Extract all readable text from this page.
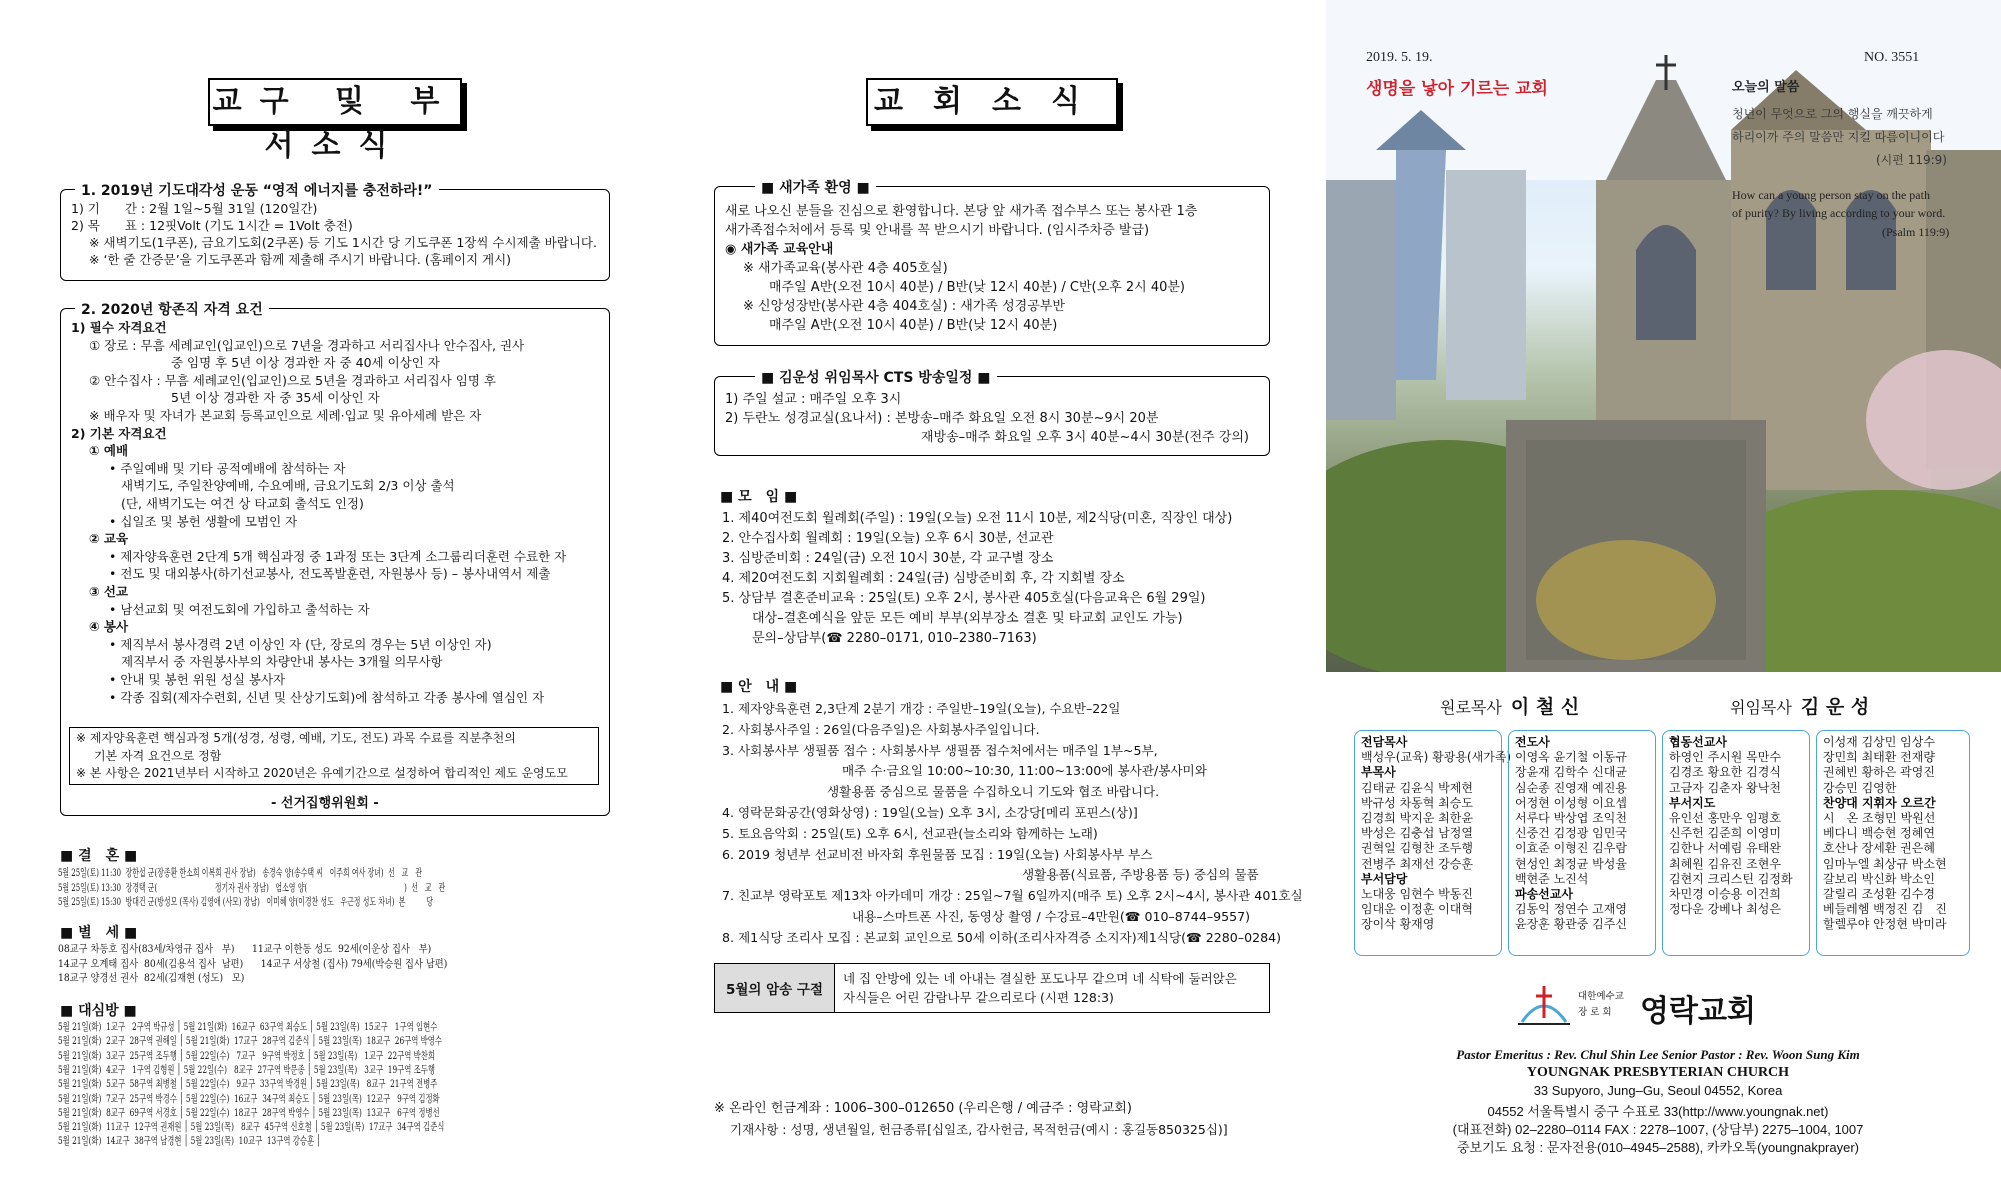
교구 및 부서소식
1. 2019년 기도대각성 운동 “영적 에너지를 충전하라!”
1) 기　　간 : 2월 1일~5월 31일 (120일간)
2) 목　　표 : 12핏Volt (기도 1시간 = 1Volt 충전)
※ 새벽기도(1쿠폰), 금요기도회(2쿠폰) 등 기도 1시간 당 기도쿠폰 1장씩 수시제출 바랍니다.
※ ‘한 줄 간증문’을 기도쿠폰과 함께 제출해 주시기 바랍니다. (홈페이지 게시)
2. 2020년 항존직 자격 요건
1) 필수 자격요건
① 장로 : 무흠 세례교인(입교인)으로 7년을 경과하고 서리집사나 안수집사, 권사
중 임명 후 5년 이상 경과한 자 중 40세 이상인 자
② 안수집사 : 무흠 세례교인(입교인)으로 5년을 경과하고 서리집사 임명 후
5년 이상 경과한 자 중 35세 이상인 자
※ 배우자 및 자녀가 본교회 등록교인으로 세례·입교 및 유아세례 받은 자
2) 기본 자격요건
① 예배
• 주일예배 및 기타 공적예배에 참석하는 자
새벽기도, 주일찬양예배, 수요예배, 금요기도회 2/3 이상 출석
(단, 새벽기도는 여건 상 타교회 출석도 인정)
• 십일조 및 봉헌 생활에 모범인 자
② 교육
• 제자양육훈련 2단계 5개 핵심과정 중 1과정 또는 3단계 소그룹리더훈련 수료한 자
• 전도 및 대외봉사(하기선교봉사, 전도폭발훈련, 자원봉사 등) – 봉사내역서 제출
③ 선교
• 남선교회 및 여전도회에 가입하고 출석하는 자
④ 봉사
• 제직부서 봉사경력 2년 이상인 자 (단, 장로의 경우는 5년 이상인 자)
제직부서 중 자원봉사부의 차량안내 봉사는 3개월 의무사항
• 안내 및 봉헌 위원 성실 봉사자
• 각종 집회(제자수련회, 신년 및 산상기도회)에 참석하고 각종 봉사에 열심인 자
※ 제자양육훈련 핵심과정 5개(성경, 성령, 예배, 기도, 전도) 과목 수료를 직분추천의
기본 자격 요건으로 정함
※ 본 사항은 2021년부터 시작하고 2020년은 유예기간으로 설정하여 합리적인 제도 운영도모
- 선거집행위원회 -
■ 결　혼 ■
5월 25일(토) 11:30  장한섭 군(장종환 한소희 이복희 권사 장남)   송경숙 양(송수택 씨   이주희 여사 장녀)  선　교　관
5월 25일(토) 13:30  장경택 군(　　　　　　　　 정기자 권사 장남)   엄소영 양(　　　　　　　　　　　　　　)  선　교　관
5월 25일(토) 15:30  방대건 군(방성모 (목사) 김영애 (사모) 장남)   이미혜 양(이경찬 성도   우근정 성도 차녀)  본　　　당
■ 별　세 ■
08교구 차동호 집사(83세/차영규 집사   부)      11교구 이한동 성도  92세(이운상 집사   부)
14교구 오계태 집사  80세(김용석 집사  남편)      14교구 서상철 (집사) 79세(박승원 집사 남편)
18교구 양경선 권사  82세(김재현 (성도)   모)
■ 대심방 ■
5월 21일(화)  1교구   2구역 박규성 │ 5월 21일(화)  16교구  63구역 최승도 │ 5월 23일(목)  15교구   1구역 임현수
5월 21일(화)  2교구  28구역 권해일 │ 5월 21일(화)  17교구  28구역 김준식 │ 5월 23일(목)  18교구  26구역 박영수
5월 21일(화)  3교구  25구역 조두행 │ 5월 22일(수)   7교구   9구역 박정호 │ 5월 23일(목)   1교구  22구역 박찬희
5월 21일(화)  4교구   1구역 김형원 │ 5월 22일(수)   8교구  27구역 박문종 │ 5월 23일(목)   3교구  19구역 조두행
5월 21일(화)  5교구  58구역 최병철 │ 5월 22일(수)   9교구  33구역 박경원 │ 5월 23일(목)   8교구  21구역 전병주
5월 21일(화)  7교구  25구역 박경수 │ 5월 22일(수)  16교구  34구역 최승도 │ 5월 23일(목)  12교구   9구역 김정화
5월 21일(화)  8교구  69구역 서경호 │ 5월 22일(수)  18교구  28구역 박영수 │ 5월 23일(목)  13교구   6구역 정병선
5월 21일(화)  11교구  12구역 권재원 │ 5월 23일(목)   8교구  45구역 신호철 │ 5월 23일(목)  17교구  34구역 김준식
5월 21일(화)  14교구  38구역 남경현 │ 5월 23일(목)  10교구  13구역 강승훈 │
교회소식
■ 새가족 환영 ■
새로 나오신 분들을 진심으로 환영합니다. 본당 앞 새가족 접수부스 또는 봉사관 1층
새가족접수처에서 등록 및 안내를 꼭 받으시기 바랍니다. (임시주차증 발급)
◉ 새가족 교육안내
※ 새가족교육(봉사관 4층 405호실)
매주일 A반(오전 10시 40분) / B반(낮 12시 40분) / C반(오후 2시 40분)
※ 신앙성장반(봉사관 4층 404호실) : 새가족 성경공부반
매주일 A반(오전 10시 40분) / B반(낮 12시 40분)
■ 김운성 위임목사 CTS 방송일정 ■
1) 주일 설교 : 매주일 오후 3시
2) 두란노 성경교실(요나서) : 본방송–매주 화요일 오전 8시 30분~9시 20분
재방송–매주 화요일 오후 3시 40분~4시 30분(전주 강의)
■ 모　임 ■
1. 제40여전도회 월례회(주일) : 19일(오늘) 오전 11시 10분, 제2식당(미혼, 직장인 대상)
2. 안수집사회 월례회 : 19일(오늘) 오후 6시 30분, 선교관
3. 심방준비회 : 24일(금) 오전 10시 30분, 각 교구별 장소
4. 제20여전도회 지회월례회 : 24일(금) 심방준비회 후, 각 지회별 장소
5. 상담부 결혼준비교육 : 25일(토) 오후 2시, 봉사관 405호실(다음교육은 6월 29일)
대상–결혼예식을 앞둔 모든 예비 부부(외부장소 결혼 및 타교회 교인도 가능)
문의–상담부(☎ 2280–0171, 010–2380–7163)
■ 안　내 ■
1. 제자양육훈련 2,3단계 2분기 개강 : 주일반–19일(오늘), 수요반–22일
2. 사회봉사주일 : 26일(다음주일)은 사회봉사주일입니다.
3. 사회봉사부 생필품 접수 : 사회봉사부 생필품 접수처에서는 매주일 1부~5부,
매주 수·금요일 10:00~10:30, 11:00~13:00에 봉사관/봉사미와
생활용품 중심으로 물품을 수집하오니 기도와 협조 바랍니다.
4. 영락문화공간(영화상영) : 19일(오늘) 오후 3시, 소강당[메리 포핀스(상)]
5. 토요음악회 : 25일(토) 오후 6시, 선교관(늘소리와 함께하는 노래)
6. 2019 청년부 선교비전 바자회 후원물품 모집 : 19일(오늘) 사회봉사부 부스
생활용품(식료품, 주방용품 등) 중심의 물품
7. 친교부 영락포토 제13차 아카데미 개강 : 25일~7월 6일까지(매주 토) 오후 2시~4시, 봉사관 401호실
내용–스마트폰 사진, 동영상 촬영 / 수강료–4만원(☎ 010–8744–9557)
8. 제1식당 조리사 모집 : 본교회 교인으로 50세 이하(조리사자격증 소지자)제1식당(☎ 2280–0284)
5월의 암송 구절
네 집 안방에 있는 네 아내는 결실한 포도나무 같으며 네 식탁에 둘러앉은
자식들은 어린 감람나무 같으리로다 (시편 128:3)
※ 온라인 헌금계좌 : 1006–300–012650 (우리은행 / 예금주 : 영락교회)
기재사항 : 성명, 생년월일, 헌금종류[십일조, 감사헌금, 목적헌금(예시 : 홍길동850325십)]
2019. 5. 19.	NO. 3551
생명을 낳아 기르는 교회	오늘의 말씀
청년이 무엇으로 그의 행실을 깨끗하게
하리이까 주의 말씀만 지킬 따름이니이다
(시편 119:9)
How can a young person stay on the path
of purity? By living according to your word.
(Psalm 119:9)
원로목사 이 철 신	위임목사 김 운 성
전담목사
백성우(교육) 황광용(새가족)
부목사
김태균 김윤식 박제현
박규성 차동혁 최승도
김경희 박지운 최한윤
박성은 김충섭 남정열
권혁일 김형찬 조두행
전병주 최재선 강승훈
부서담당
노대웅 임현수 박동진
임대운 이정훈 이대혁
장이삭 황재영
전도사
이영옥 윤기철 이동규
장윤재 김학수 신대균
심순종 진영재 예진용
어정현 이성형 이요셉
서루다 박상엽 조익천
신중건 김정광 임민국
이효준 이형진 김우람
현성인 최정균 박성율
백현준 노진석
파송선교사
김동익 정연수 고재영
윤장훈 황관중 김주신
협동선교사
하영인 주시원 목만수
김경조 황요한 김경식
고금자 김춘자 왕낙천
부서지도
유인선 홍만우 임평호
신주헌 김준희 이영미
김한나 서예림 유태완
최혜원 김유진 조현우
김현지 크리스틴 김정화
차민경 이승용 이건희
정다운 강베나 최성은
이성재 김상민 임상수
장민희 최태환 전재량
권혜빈 황하은 곽영진
강승민 김영한
찬양대 지휘자 오르간
시　온 조형민 박원선
베다니 백승현 정혜연
호산나 장세환 권은혜
임마누엘 최상규 박소현
갈보리 박신화 박소인
갈릴리 조성환 김수경
베들레헴 백정진 김　진
할렐루야 안정현 박미라
대한예수교
장 로 회 영락교회
Pastor Emeritus : Rev. Chul Shin Lee Senior Pastor : Rev. Woon Sung Kim
YOUNGNAK PRESBYTERIAN CHURCH
33 Supyoro, Jung–Gu, Seoul 04552, Korea
04552 서울특별시 중구 수표로 33(http://www.youngnak.net)
(대표전화) 02–2280–0114 FAX : 2278–1007, (상담부) 2275–1004, 1007
중보기도 요청 : 문자전용(010–4945–2588), 카카오톡(youngnakprayer)
